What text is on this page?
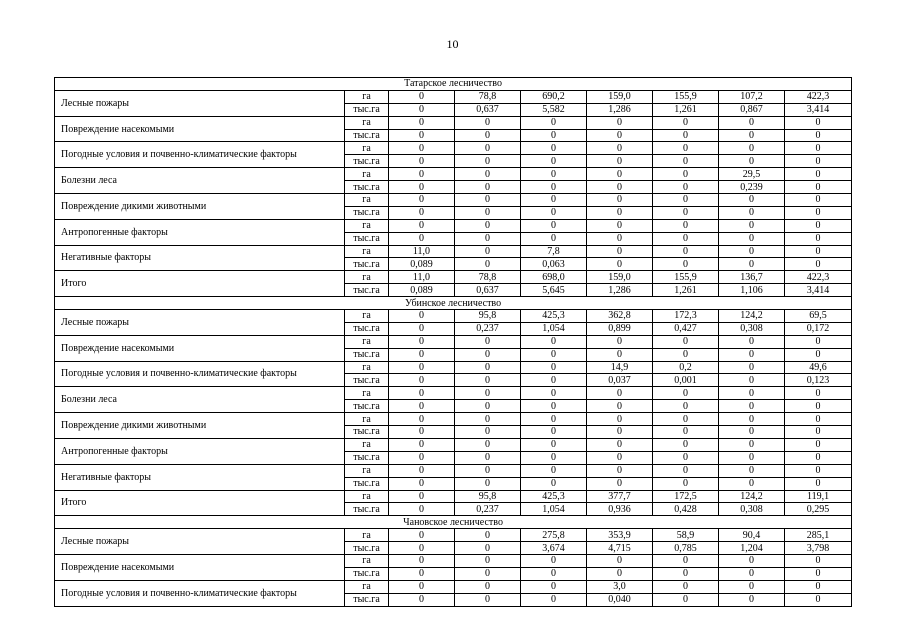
10
Татарское лесничество								
Лесные пожары	га	0	78,8	690,2	159,0	155,9	107,2	422,3
	тыс.га	0	0,637	5,582	1,286	1,261	0,867	3,414
Повреждение насекомыми	га	0	0	0	0	0	0	0
	тыс.га	0	0	0	0	0	0	0
Погодные условия и почвенно-климатические факторы	га	0	0	0	0	0	0	0
	тыс.га	0	0	0	0	0	0	0
Болезни леса	га	0	0	0	0	0	29,5	0
	тыс.га	0	0	0	0	0	0,239	0
Повреждение дикими животными	га	0	0	0	0	0	0	0
	тыс.га	0	0	0	0	0	0	0
Антропогенные факторы	га	0	0	0	0	0	0	0
	тыс.га	0	0	0	0	0	0	0
Негативные факторы	га	11,0	0	7,8	0	0	0	0
	тыс.га	0,089	0	0,063	0	0	0	0
Итого	га	11,0	78,8	698,0	159,0	155,9	136,7	422,3
	тыс.га	0,089	0,637	5,645	1,286	1,261	1,106	3,414
Убинское лесничество								
Лесные пожары	га	0	95,8	425,3	362,8	172,3	124,2	69,5
	тыс.га	0	0,237	1,054	0,899	0,427	0,308	0,172
Повреждение насекомыми	га	0	0	0	0	0	0	0
	тыс.га	0	0	0	0	0	0	0
Погодные условия и почвенно-климатические факторы	га	0	0	0	14,9	0,2	0	49,6
	тыс.га	0	0	0	0,037	0,001	0	0,123
Болезни леса	га	0	0	0	0	0	0	0
	тыс.га	0	0	0	0	0	0	0
Повреждение дикими животными	га	0	0	0	0	0	0	0
	тыс.га	0	0	0	0	0	0	0
Антропогенные факторы	га	0	0	0	0	0	0	0
	тыс.га	0	0	0	0	0	0	0
Негативные факторы	га	0	0	0	0	0	0	0
	тыс.га	0	0	0	0	0	0	0
Итого	га	0	95,8	425,3	377,7	172,5	124,2	119,1
	тыс.га	0	0,237	1,054	0,936	0,428	0,308	0,295
Чановское лесничество								
Лесные пожары	га	0	0	275,8	353,9	58,9	90,4	285,1
	тыс.га	0	0	3,674	4,715	0,785	1,204	3,798
Повреждение насекомыми	га	0	0	0	0	0	0	0
	тыс.га	0	0	0	0	0	0	0
Погодные условия и почвенно-климатические факторы	га	0	0	0	3,0	0	0	0
	тыс.га	0	0	0	0,040	0	0	0
